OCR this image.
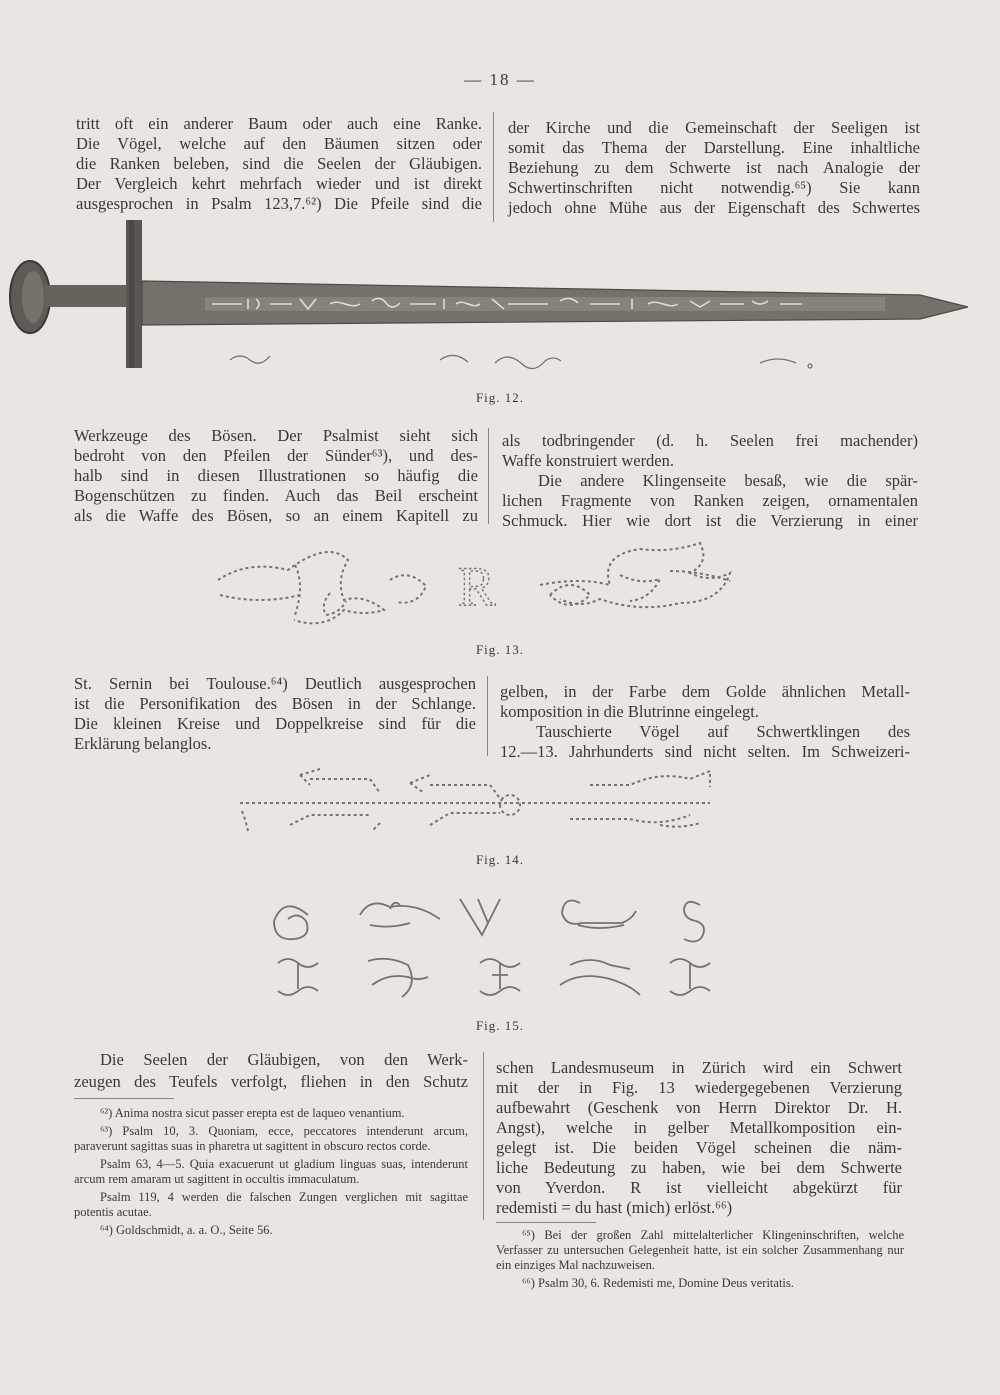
— 18 —
tritt oft ein anderer Baum oder auch eine Ranke.
Die Vögel, welche auf den Bäumen sitzen oder
die Ranken beleben, sind die Seelen der Gläubigen.
Der Vergleich kehrt mehrfach wieder und ist direkt
ausgesprochen in Psalm 123,7.⁶²) Die Pfeile sind die
der Kirche und die Gemeinschaft der Seeligen ist
somit das Thema der Darstellung. Eine inhaltliche
Beziehung zu dem Schwerte ist nach Analogie der
Schwertinschriften nicht notwendig.⁶⁵) Sie kann
jedoch ohne Mühe aus der Eigenschaft des Schwertes
Fig. 12.
Werkzeuge des Bösen. Der Psalmist sieht sich
bedroht von den Pfeilen der Sünder⁶³), und des-
halb sind in diesen Illustrationen so häufig die
Bogenschützen zu finden. Auch das Beil erscheint
als die Waffe des Bösen, so an einem Kapitell zu
als todbringender (d. h. Seelen frei machender)
Waffe konstruiert werden.
Die andere Klingenseite besaß, wie die spär-
lichen Fragmente von Ranken zeigen, ornamentalen
Schmuck. Hier wie dort ist die Verzierung in einer
R
Fig. 13.
St. Sernin bei Toulouse.⁶⁴) Deutlich ausgesprochen
ist die Personifikation des Bösen in der Schlange.
Die kleinen Kreise und Doppelkreise sind für die
Erklärung belanglos.
gelben, in der Farbe dem Golde ähnlichen Metall-
komposition in die Blutrinne eingelegt.
Tauschierte Vögel auf Schwertklingen des
12.—13. Jahrhunderts sind nicht selten. Im Schweizeri-
Fig. 14.
Fig. 15.
Die Seelen der Gläubigen, von den Werk-
zeugen des Teufels verfolgt, fliehen in den Schutz
schen Landesmuseum in Zürich wird ein Schwert
mit der in Fig. 13 wiedergegebenen Verzierung
aufbewahrt (Geschenk von Herrn Direktor Dr. H.
Angst), welche in gelber Metallkomposition ein-
gelegt ist. Die beiden Vögel scheinen die näm-
liche Bedeutung zu haben, wie bei dem Schwerte
von Yverdon. R ist vielleicht abgekürzt für
redemisti = du hast (mich) erlöst.⁶⁶)

⁶²) Anima nostra sicut passer erepta est de laqueo venantium.

⁶³) Psalm 10, 3. Quoniam, ecce, peccatores intenderunt arcum, paraverunt sagittas suas in pharetra ut sagittent in obscuro rectos corde.

Psalm 63, 4—5. Quia exacuerunt ut gladium linguas suas, intenderunt arcum rem amaram ut sagittent in occultis immaculatum.

Psalm 119, 4 werden die falschen Zungen verglichen mit sagittae potentis acutae.

⁶⁴) Goldschmidt, a. a. O., Seite 56.	⁶⁵) Bei der großen Zahl mittelalterlicher Klingeninschriften, welche Verfasser zu untersuchen Gelegenheit hatte, ist ein solcher Zusammenhang nur ein einziges Mal nachzuweisen.

⁶⁶) Psalm 30, 6. Redemisti me, Domine Deus veritatis.
